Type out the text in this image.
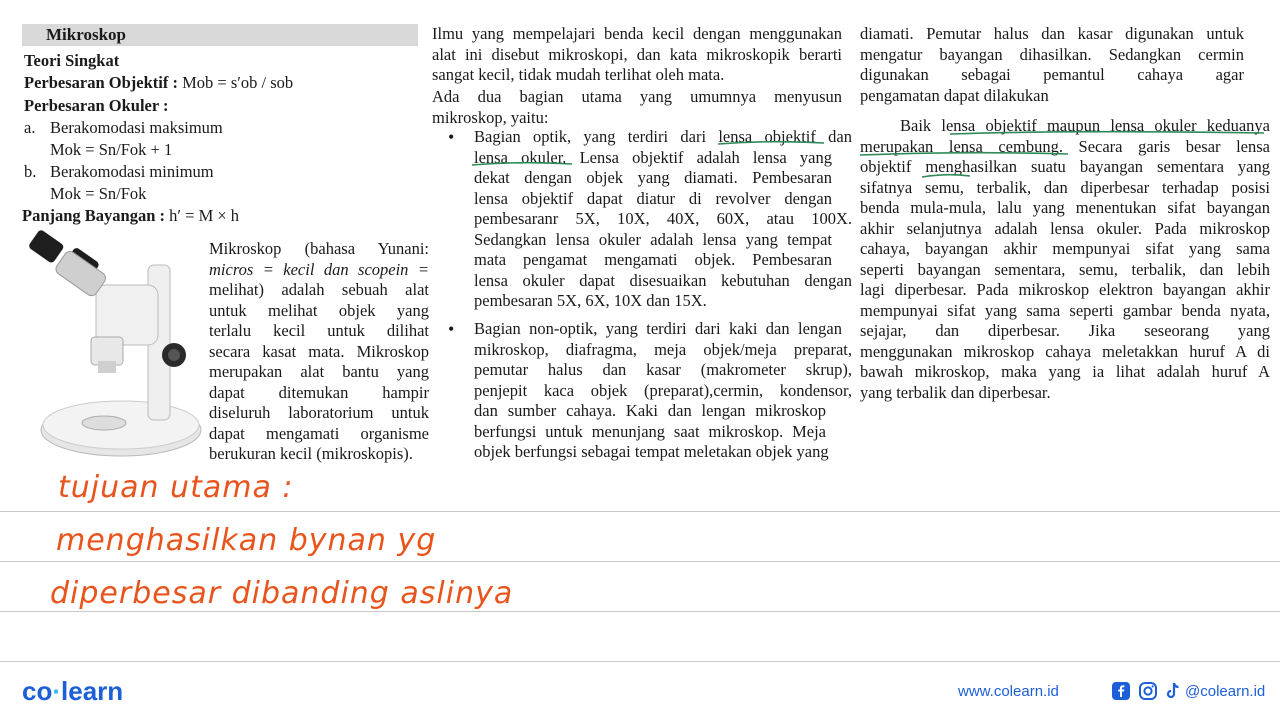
Mikroskop
Teori Singkat
Perbesaran Objektif : Mob = s′ob / sob
Perbesaran Okuler :
a. Berakomodasi maksimum
Mok = Sn/Fok + 1
b. Berakomodasi minimum
Mok = Sn/Fok
Panjang Bayangan : h′ = M × h
Mikroskop (bahasa Yunani:
micros = kecil dan scopein =
melihat) adalah sebuah alat
untuk melihat objek yang
terlalu kecil untuk dilihat
secara kasat mata. Mikroskop
merupakan alat bantu yang
dapat ditemukan hampir
diseluruh laboratorium untuk
dapat mengamati organisme
berukuran kecil (mikroskopis).
Ilmu yang mempelajari benda kecil dengan menggunakan
alat ini disebut mikroskopi, dan kata mikroskopik berarti
sangat kecil, tidak mudah terlihat oleh mata.
Ada dua bagian utama yang umumnya menyusun
mikroskop, yaitu:
• Bagian optik, yang terdiri dari lensa objektif dan
lensa okuler. Lensa objektif adalah lensa yang
dekat dengan objek yang diamati. Pembesaran
lensa objektif dapat diatur di revolver dengan
pembesaranr 5X, 10X, 40X, 60X, atau 100X.
Sedangkan lensa okuler adalah lensa yang tempat
mata pengamat mengamati objek. Pembesaran
lensa okuler dapat disesuaikan kebutuhan dengan
pembesaran 5X, 6X, 10X dan 15X.
• Bagian non-optik, yang terdiri dari kaki dan lengan
mikroskop, diafragma, meja objek/meja preparat,
pemutar halus dan kasar (makrometer skrup),
penjepit kaca objek (preparat),cermin, kondensor,
dan sumber cahaya. Kaki dan lengan mikroskop
berfungsi untuk menunjang saat mikroskop. Meja
objek berfungsi sebagai tempat meletakan objek yang
diamati. Pemutar halus dan kasar digunakan untuk
mengatur bayangan dihasilkan. Sedangkan cermin
digunakan sebagai pemantul cahaya agar
pengamatan dapat dilakukan
Baik lensa objektif maupun lensa okuler keduanya
merupakan lensa cembung. Secara garis besar lensa
objektif menghasilkan suatu bayangan sementara yang
sifatnya semu, terbalik, dan diperbesar terhadap posisi
benda mula-mula, lalu yang menentukan sifat bayangan
akhir selanjutnya adalah lensa okuler. Pada mikroskop
cahaya, bayangan akhir mempunyai sifat yang sama
seperti bayangan sementara, semu, terbalik, dan lebih
lagi diperbesar. Pada mikroskop elektron bayangan akhir
mempunyai sifat yang sama seperti gambar benda nyata,
sejajar, dan diperbesar. Jika seseorang yang
menggunakan mikroskop cahaya meletakkan huruf A di
bawah mikroskop, maka yang ia lihat adalah huruf A
yang terbalik dan diperbesar.
tujuan utama :
menghasilkan bynan yg
diperbesar dibanding aslinya
co·learn	www.colearn.id	@colearn.id
